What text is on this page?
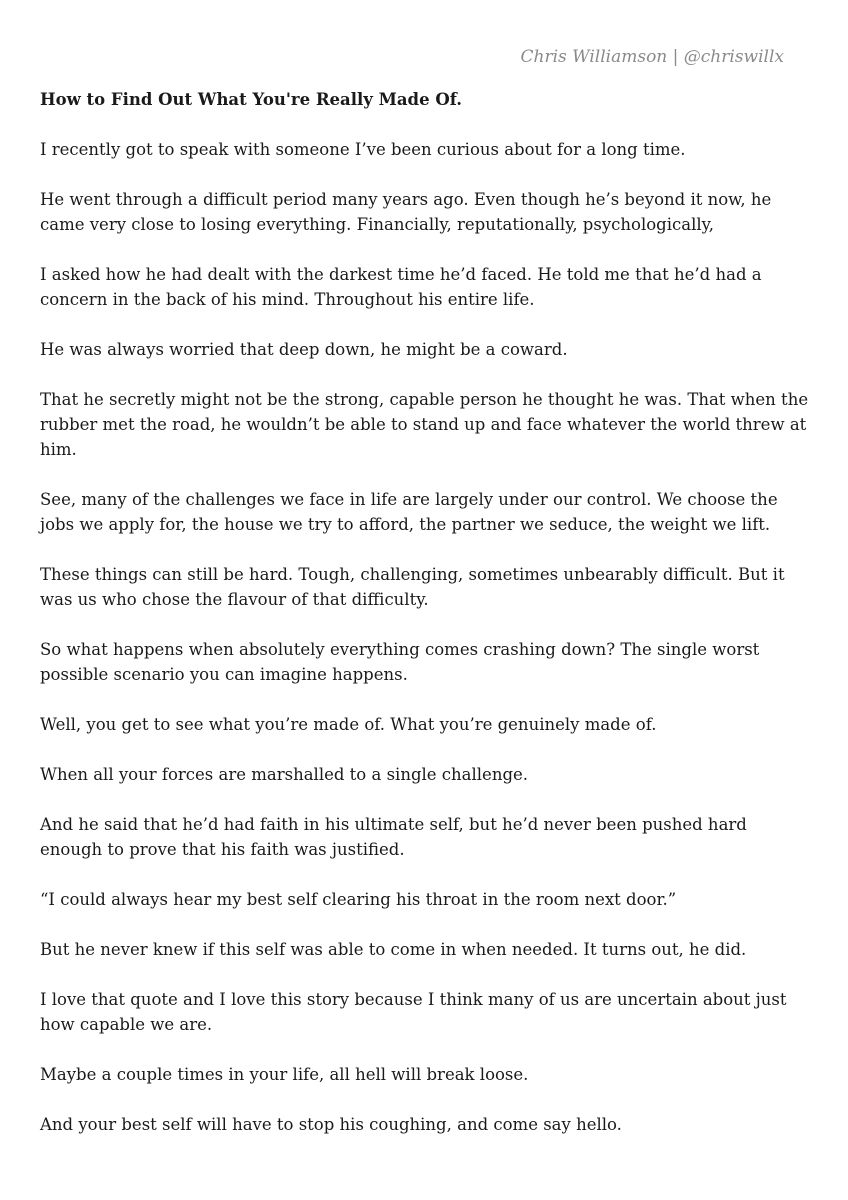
Chris Williamson | @chriswillx
How to Find Out What You're Really Made Of.

I recently got to speak with someone I’ve been curious about for a long time.

He went through a difficult period many years ago. Even though he’s beyond it now, he came very close to losing everything. Financially, reputationally, psychologically,

I asked how he had dealt with the darkest time he’d faced. He told me that he’d had a concern in the back of his mind. Throughout his entire life.

He was always worried that deep down, he might be a coward.

That he secretly might not be the strong, capable person he thought he was. That when the rubber met the road, he wouldn’t be able to stand up and face whatever the world threw at him.

See, many of the challenges we face in life are largely under our control. We choose the jobs we apply for, the house we try to afford, the partner we seduce, the weight we lift.

These things can still be hard. Tough, challenging, sometimes unbearably difficult. But it was us who chose the flavour of that difficulty.

So what happens when absolutely everything comes crashing down? The single worst possible scenario you can imagine happens.

Well, you get to see what you’re made of. What you’re genuinely made of.

When all your forces are marshalled to a single challenge.

And he said that he’d had faith in his ultimate self, but he’d never been pushed hard enough to prove that his faith was justified.

“I could always hear my best self clearing his throat in the room next door.”

But he never knew if this self was able to come in when needed. It turns out, he did.

I love that quote and I love this story because I think many of us are uncertain about just how capable we are.

Maybe a couple times in your life, all hell will break loose.

And your best self will have to stop his coughing, and come say hello.
